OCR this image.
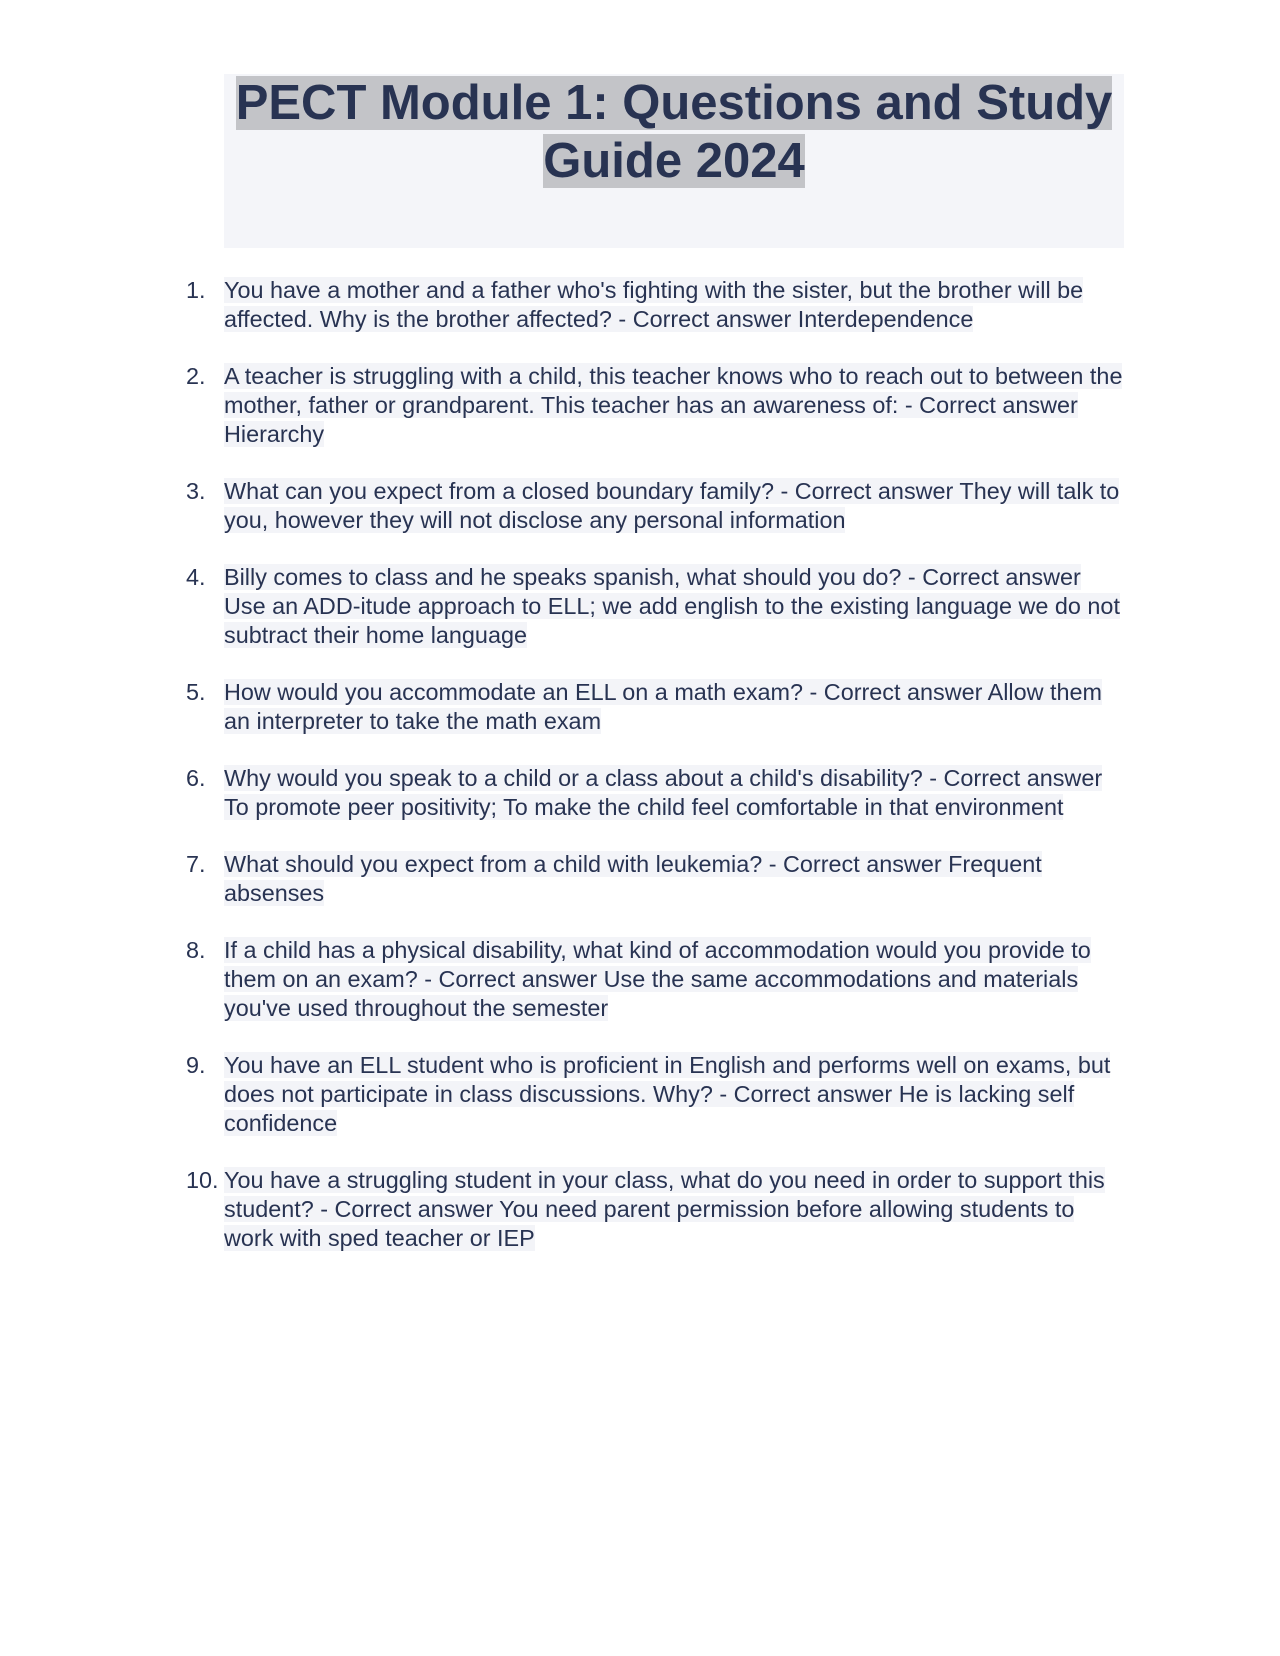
PECT Module 1: Questions and Study Guide 2024
1. You have a mother and a father who's fighting with the sister, but the brother will be affected. Why is the brother affected? - Correct answer Interdependence
2. A teacher is struggling with a child, this teacher knows who to reach out to between the mother, father or grandparent. This teacher has an awareness of: - Correct answer Hierarchy
3. What can you expect from a closed boundary family? - Correct answer They will talk to you, however they will not disclose any personal information
4. Billy comes to class and he speaks spanish, what should you do? - Correct answer Use an ADD-itude approach to ELL; we add english to the existing language we do not subtract their home language
5. How would you accommodate an ELL on a math exam? - Correct answer Allow them an interpreter to take the math exam
6. Why would you speak to a child or a class about a child's disability? - Correct answer To promote peer positivity; To make the child feel comfortable in that environment
7. What should you expect from a child with leukemia? - Correct answer Frequent absenses
8. If a child has a physical disability, what kind of accommodation would you provide to them on an exam? - Correct answer Use the same accommodations and materials you've used throughout the semester
9. You have an ELL student who is proficient in English and performs well on exams, but does not participate in class discussions. Why? - Correct answer He is lacking self confidence
10. You have a struggling student in your class, what do you need in order to support this student? - Correct answer You need parent permission before allowing students to work with sped teacher or IEP
